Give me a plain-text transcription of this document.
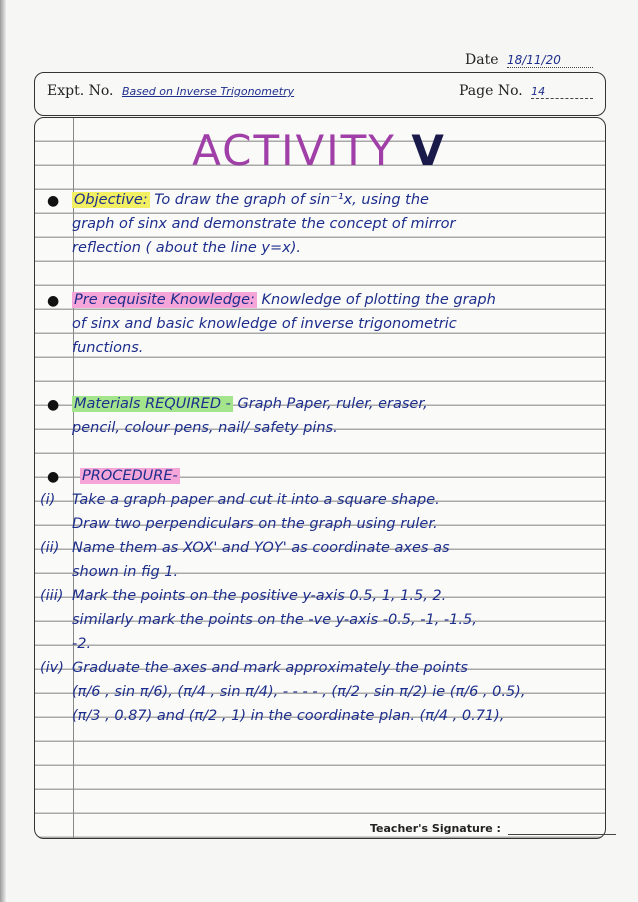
Date 18/11/20
Expt. No. Based on Inverse Trigonometry	Page No. 14
ACTIVITY V
● Objective: To draw the graph of sin⁻¹x, using the
graph of sinx and demonstrate the concept of mirror
reflection ( about the line y=x).
● Pre requisite Knowledge: Knowledge of plotting the graph
of sinx and basic knowledge of inverse trigonometric
functions.
● Materials REQUIRED - Graph Paper, ruler, eraser,
pencil, colour pens, nail/ safety pins.
● PROCEDURE-
(i) Take a graph paper and cut it into a square shape.
Draw two perpendiculars on the graph using ruler.
(ii) Name them as XOX' and YOY' as coordinate axes as
shown in fig 1.
(iii) Mark the points on the positive y-axis 0.5, 1, 1.5, 2.
similarly mark the points on the -ve y-axis -0.5, -1, -1.5,
-2.
(iv) Graduate the axes and mark approximately the points
(π/6 , sin π/6), (π/4 , sin π/4), - - - - , (π/2 , sin π/2) ie (π/6 , 0.5),
(π/3 , 0.87) and (π/2 , 1) in the coordinate plan. (π/4 , 0.71),
Teacher's Signature :
